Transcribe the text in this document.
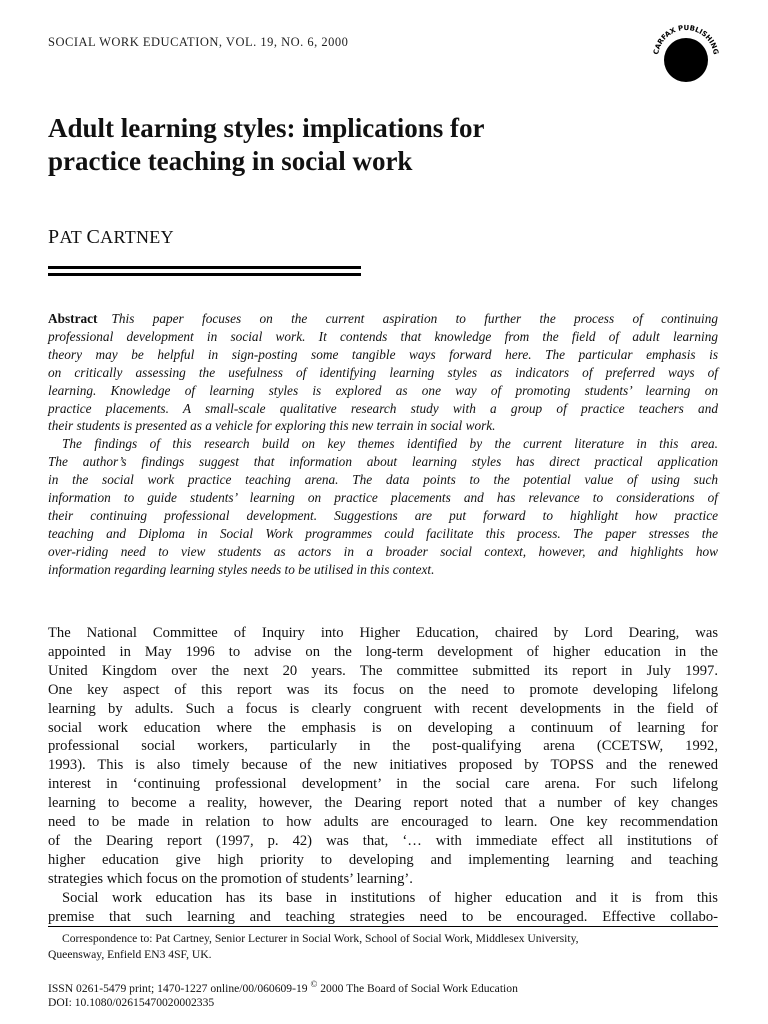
SOCIAL WORK EDUCATION, VOL. 19, NO. 6, 2000
CARFAX PUBLISHING
Adult learning styles: implications for
practice teaching in social work
PAT CARTNEY
Abstract This paper focuses on the current aspiration to further the process of continuing
professional development in social work. It contends that knowledge from the field of adult learning
theory may be helpful in sign-posting some tangible ways forward here. The particular emphasis is
on critically assessing the usefulness of identifying learning styles as indicators of preferred ways of
learning. Knowledge of learning styles is explored as one way of promoting students’ learning on
practice placements. A small-scale qualitative research study with a group of practice teachers and
their students is presented as a vehicle for exploring this new terrain in social work.
The findings of this research build on key themes identified by the current literature in this area.
The author’s findings suggest that information about learning styles has direct practical application
in the social work practice teaching arena. The data points to the potential value of using such
information to guide students’ learning on practice placements and has relevance to considerations of
their continuing professional development. Suggestions are put forward to highlight how practice
teaching and Diploma in Social Work programmes could facilitate this process. The paper stresses the
over-riding need to view students as actors in a broader social context, however, and highlights how
information regarding learning styles needs to be utilised in this context.
The National Committee of Inquiry into Higher Education, chaired by Lord Dearing, was
appointed in May 1996 to advise on the long-term development of higher education in the
United Kingdom over the next 20 years. The committee submitted its report in July 1997.
One key aspect of this report was its focus on the need to promote developing lifelong
learning by adults. Such a focus is clearly congruent with recent developments in the field of
social work education where the emphasis is on developing a continuum of learning for
professional social workers, particularly in the post-qualifying arena (CCETSW, 1992,
1993). This is also timely because of the new initiatives proposed by TOPSS and the renewed
interest in ‘continuing professional development’ in the social care arena. For such lifelong
learning to become a reality, however, the Dearing report noted that a number of key changes
need to be made in relation to how adults are encouraged to learn. One key recommendation
of the Dearing report (1997, p. 42) was that, ‘… with immediate effect all institutions of
higher education give high priority to developing and implementing learning and teaching
strategies which focus on the promotion of students’ learning’.
Social work education has its base in institutions of higher education and it is from this
premise that such learning and teaching strategies need to be encouraged. Effective collabo-
Correspondence to: Pat Cartney, Senior Lecturer in Social Work, School of Social Work, Middlesex University,
Queensway, Enfield EN3 4SF, UK.
ISSN 0261-5479 print; 1470-1227 online/00/060609-19 © 2000 The Board of Social Work Education
DOI: 10.1080/02615470020002335
